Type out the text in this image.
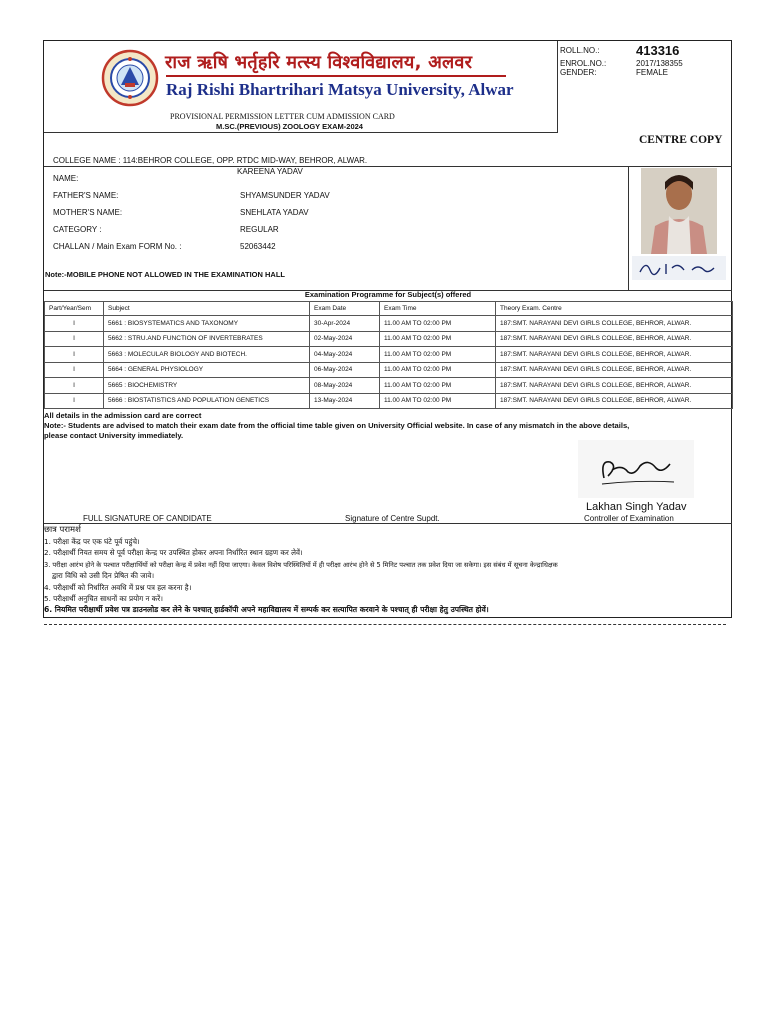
राज ऋषि भर्तृहरि मत्स्य विश्वविद्यालय, अलवर
Raj Rishi Bhartrihari Matsya University, Alwar
PROVISIONAL PERMISSION LETTER CUM ADMISSION CARD
M.SC.(PREVIOUS) ZOOLOGY EXAM-2024
ROLL.NO.:	413316
ENROL.NO.:	2017/138355
GENDER:	FEMALE
CENTRE COPY
COLLEGE NAME : 114:BEHROR COLLEGE, OPP. RTDC MID-WAY, BEHROR, ALWAR.
NAME:
KAREENA YADAV
FATHER'S NAME:	SHYAMSUNDER YADAV
MOTHER'S NAME:	SNEHLATA YADAV
CATEGORY :	REGULAR
CHALLAN / Main Exam FORM No. :	52063442
Note:-MOBILE PHONE NOT ALLOWED IN THE EXAMINATION HALL
Examination Programme for Subject(s) offered
Part/Year/Sem	Subject	Exam Date	Exam Time	Theory Exam. Centre
I	5661 : BIOSYSTEMATICS AND TAXONOMY	30-Apr-2024	11.00 AM TO 02:00 PM	187:SMT. NARAYANI DEVI GIRLS COLLEGE, BEHROR, ALWAR.
I	5662 : STRU.AND FUNCTION OF INVERTEBRATES	02-May-2024	11.00 AM TO 02:00 PM	187:SMT. NARAYANI DEVI GIRLS COLLEGE, BEHROR, ALWAR.
I	5663 : MOLECULAR BIOLOGY AND BIOTECH.	04-May-2024	11.00 AM TO 02:00 PM	187:SMT. NARAYANI DEVI GIRLS COLLEGE, BEHROR, ALWAR.
I	5664 : GENERAL PHYSIOLOGY	06-May-2024	11.00 AM TO 02:00 PM	187:SMT. NARAYANI DEVI GIRLS COLLEGE, BEHROR, ALWAR.
I	5665 : BIOCHEMISTRY	08-May-2024	11.00 AM TO 02:00 PM	187:SMT. NARAYANI DEVI GIRLS COLLEGE, BEHROR, ALWAR.
I	5666 : BIOSTATISTICS AND POPULATION GENETICS	13-May-2024	11.00 AM TO 02:00 PM	187:SMT. NARAYANI DEVI GIRLS COLLEGE, BEHROR, ALWAR.
All details in the admission card are correct
Note:- Students are advised to match their exam date from the official time table given on University Official website. In case of any mismatch in the above details,
please contact University immediately.
Lakhan Singh Yadav
FULL SIGNATURE OF CANDIDATE	Signature of Centre Supdt.	Controller of Examination
छात्र परामर्श
1. परीक्षा केंद्र पर एक घंटे पूर्व पहुंचे।
2. परीक्षार्थी नियत समय से पूर्व परीक्षा केन्द्र पर उपस्थित होकर अपना निर्धारित स्थान ग्रहण कर लेवें।
3. परीक्षा आरंभ होने के पश्चात परीक्षार्थियों को परीक्षा केन्द्र में प्रवेश नहीं दिया जाएगा। केवल विशेष परिस्थितियों में ही परीक्षा आरंभ होने से 5 मिनिट पश्चात तक प्रवेश दिया जा सकेगा। इस संबंध में सूचना केन्द्राधिक्षक
द्वारा विधि को उसी दिन प्रेषित की जावे।
4. परीक्षार्थी को निर्धारित अवधि में प्रश्न पत्र हल करना है।
5. परीक्षार्थी अनुचित साधनों का प्रयोग न करें।
6. नियमित परीक्षार्थी प्रवेश पत्र डाउनलोड कर लेने के पश्चात् हार्डकॉपी अपने महाविद्यालय में सम्पर्क कर सत्यापित करवाने के पश्चात् ही परीक्षा हेतु उपस्थित होवें।
